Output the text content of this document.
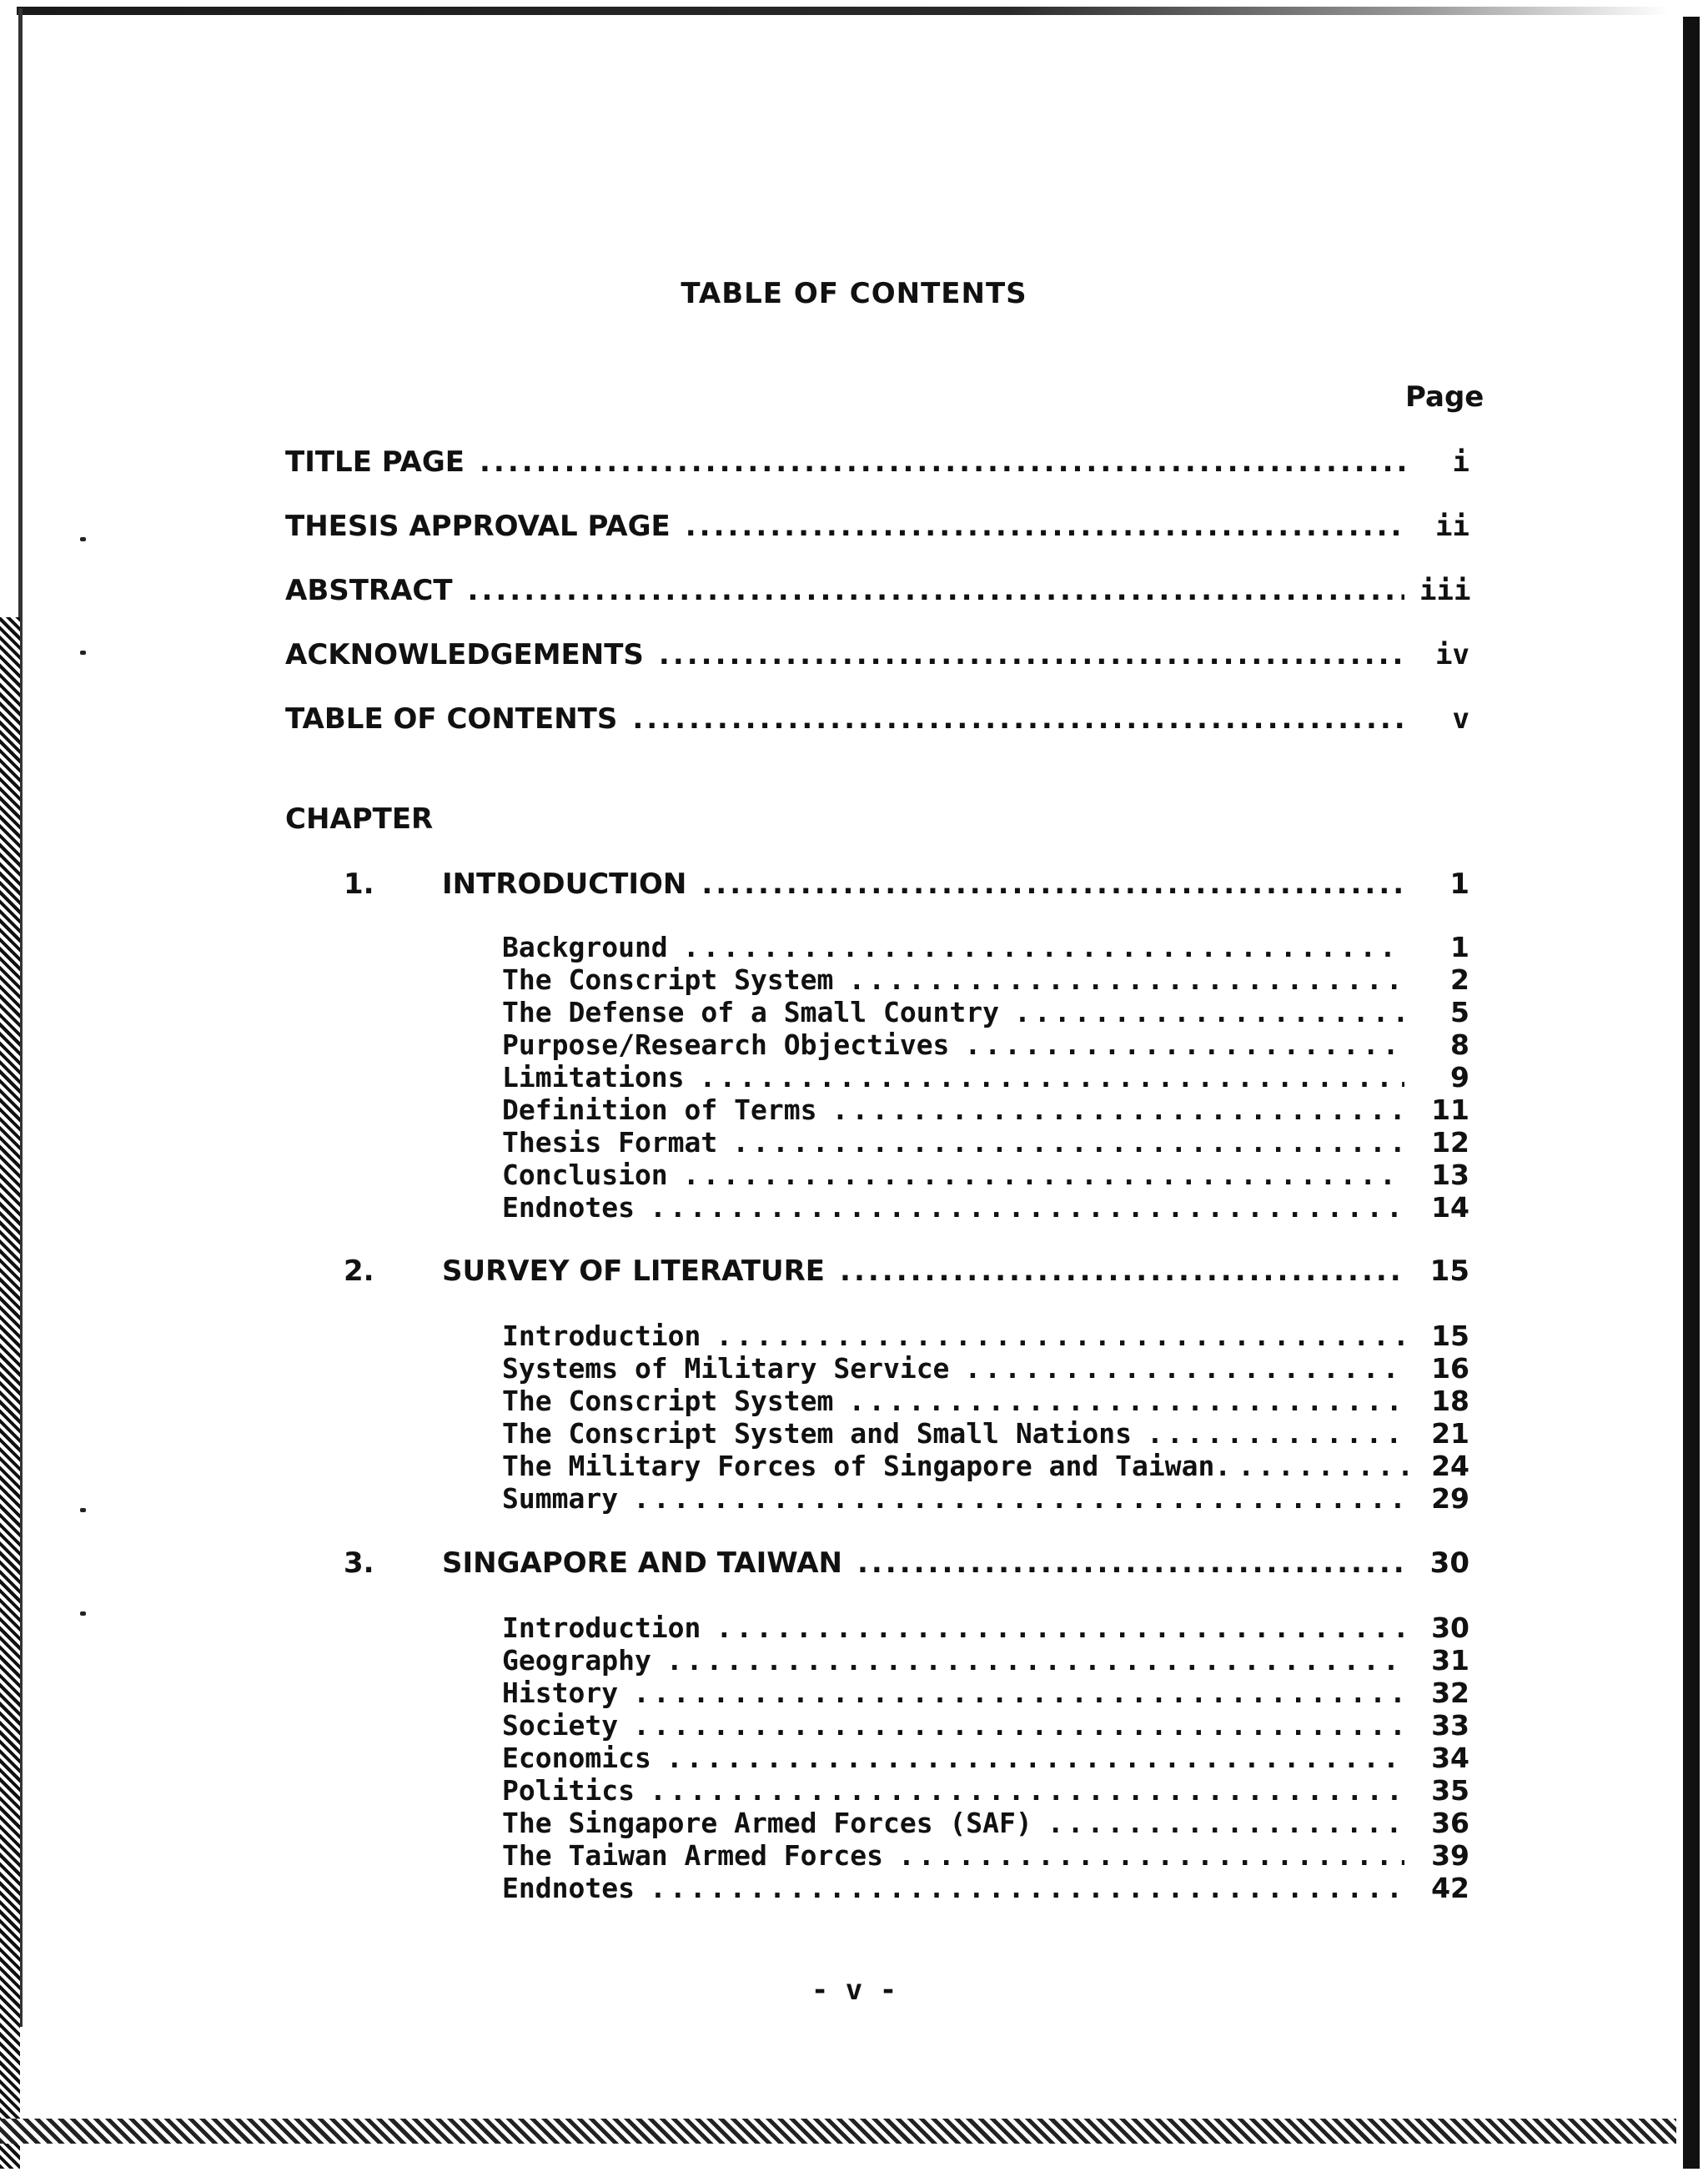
TABLE OF CONTENTS
Page
TITLE PAGE .....	i
THESIS APPROVAL PAGE .....	ii
ABSTRACT .....	iii
ACKNOWLEDGEMENTS .....	iv
TABLE OF CONTENTS .....	v
CHAPTER
1.	INTRODUCTION .....	1
Background .....	1
The Conscript System .....	2
The Defense of a Small Country .....	5
Purpose/Research Objectives .....	8
Limitations .....	9
Definition of Terms .....	11
Thesis Format .....	12
Conclusion .....	13
Endnotes .....	14
2.	SURVEY OF LITERATURE .....	15
Introduction .....	15
Systems of Military Service .....	16
The Conscript System .....	18
The Conscript System and Small Nations .....	21
The Military Forces of Singapore and Taiwan. .....	24
Summary .....	29
3.	SINGAPORE AND TAIWAN .....	30
Introduction .....	30
Geography .....	31
History .....	32
Society .....	33
Economics .....	34
Politics .....	35
The Singapore Armed Forces (SAF) .....	36
The Taiwan Armed Forces .....	39
Endnotes .....	42
- v -
